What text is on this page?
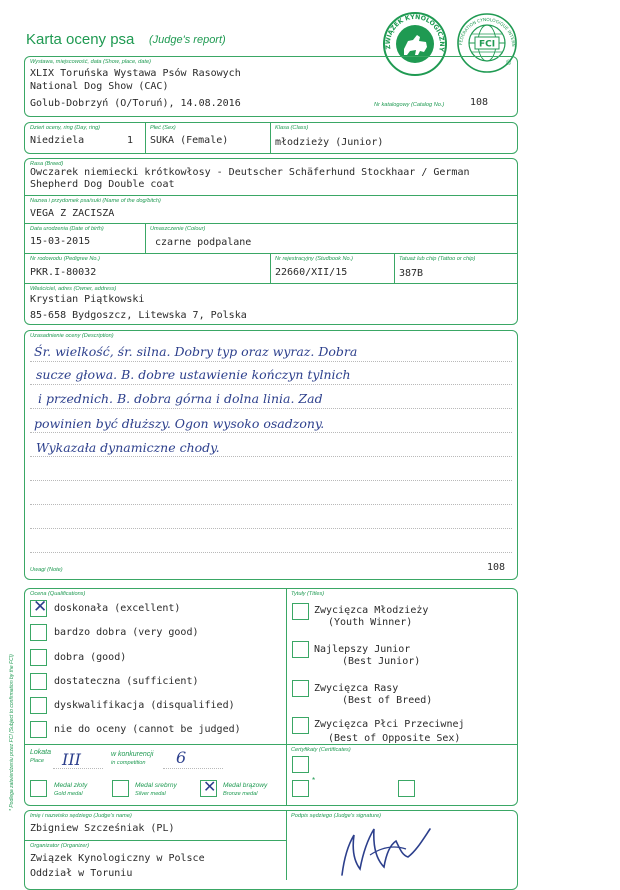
Karta oceny psa (Judge's report)
ZWIĄZEK KYNOLOGICZNY	FCI
FEDERATION CYNOLOGIQUE INTERN
®
Wystawa, miejscowość, data (Show, place, date)
XLIX Toruńska Wystawa Psów Rasowych
National Dog Show (CAC)
Golub-Dobrzyń (O/Toruń), 14.08.2016	Nr katalogowy (Catalog No.)	108
Dzień oceny, ring (Day, ring)
Niedziela	1
Płeć (Sex)
SUKA (Female)
Klasa (Class)
młodzieży (Junior)
Rasa (Breed)
Owczarek niemiecki krótkowłosy - Deutscher Schäferhund Stockhaar / German
Shepherd Dog Double coat
Nazwa i przydomek psa/suki (Name of the dog/bitch)
VEGA Z ZACISZA
Data urodzenia (Date of birth)
15-03-2015
Umaszczenie (Colour)
czarne podpalane
Nr rodowodu (Pedigree No.)
PKR.I-80032
Nr rejestracyjny (Studbook No.)
22660/XII/15
Tatuaż lub chip (Tattoo or chip)
387B
Właściciel, adres (Owner, address)
Krystian Piątkowski
85-658 Bydgoszcz, Litewska 7, Polska
Uzasadnienie oceny (Description)
Śr. wielkość, śr. silna. Dobry typ oraz wyraz. Dobra
sucze głowa. B. dobre ustawienie kończyn tylnich
i przednich. B. dobra górna i dolna linia. Zad
powinien być dłuższy. Ogon wysoko osadzony.
Wykazała dynamiczne chody.
Uwagi (Note)	108
* Podlega zatwierdzeniu przez FCI (Subject to confirmation by the FCI)
Ocena (Qualifications)
✕ doskonała (excellent)
bardzo dobra (very good)
dobra (good)
dostateczna (sufficient)
dyskwalifikacja (disqualified)
nie do oceny (cannot be judged)
Tytuły (Titles)
Zwycięzca Młodzieży
(Youth Winner)
Najlepszy Junior
(Best Junior)
Zwycięzca Rasy
(Best of Breed)
Zwycięzca Płci Przeciwnej
(Best of Opposite Sex)
Lokata
Place III	w konkurencji
in competition 6
Medal złoty
Gold medal
Medal srebrny
Silver medal ✕ Medal brązowy
Bronze medal
Certyfikaty (Certificates)
*
Imię i nazwisko sędziego (Judge's name)
Zbigniew Szcześniak (PL)
Organizator (Organizer)
Związek Kynologiczny w Polsce
Oddział w Toruniu
Podpis sędziego (Judge's signature)
